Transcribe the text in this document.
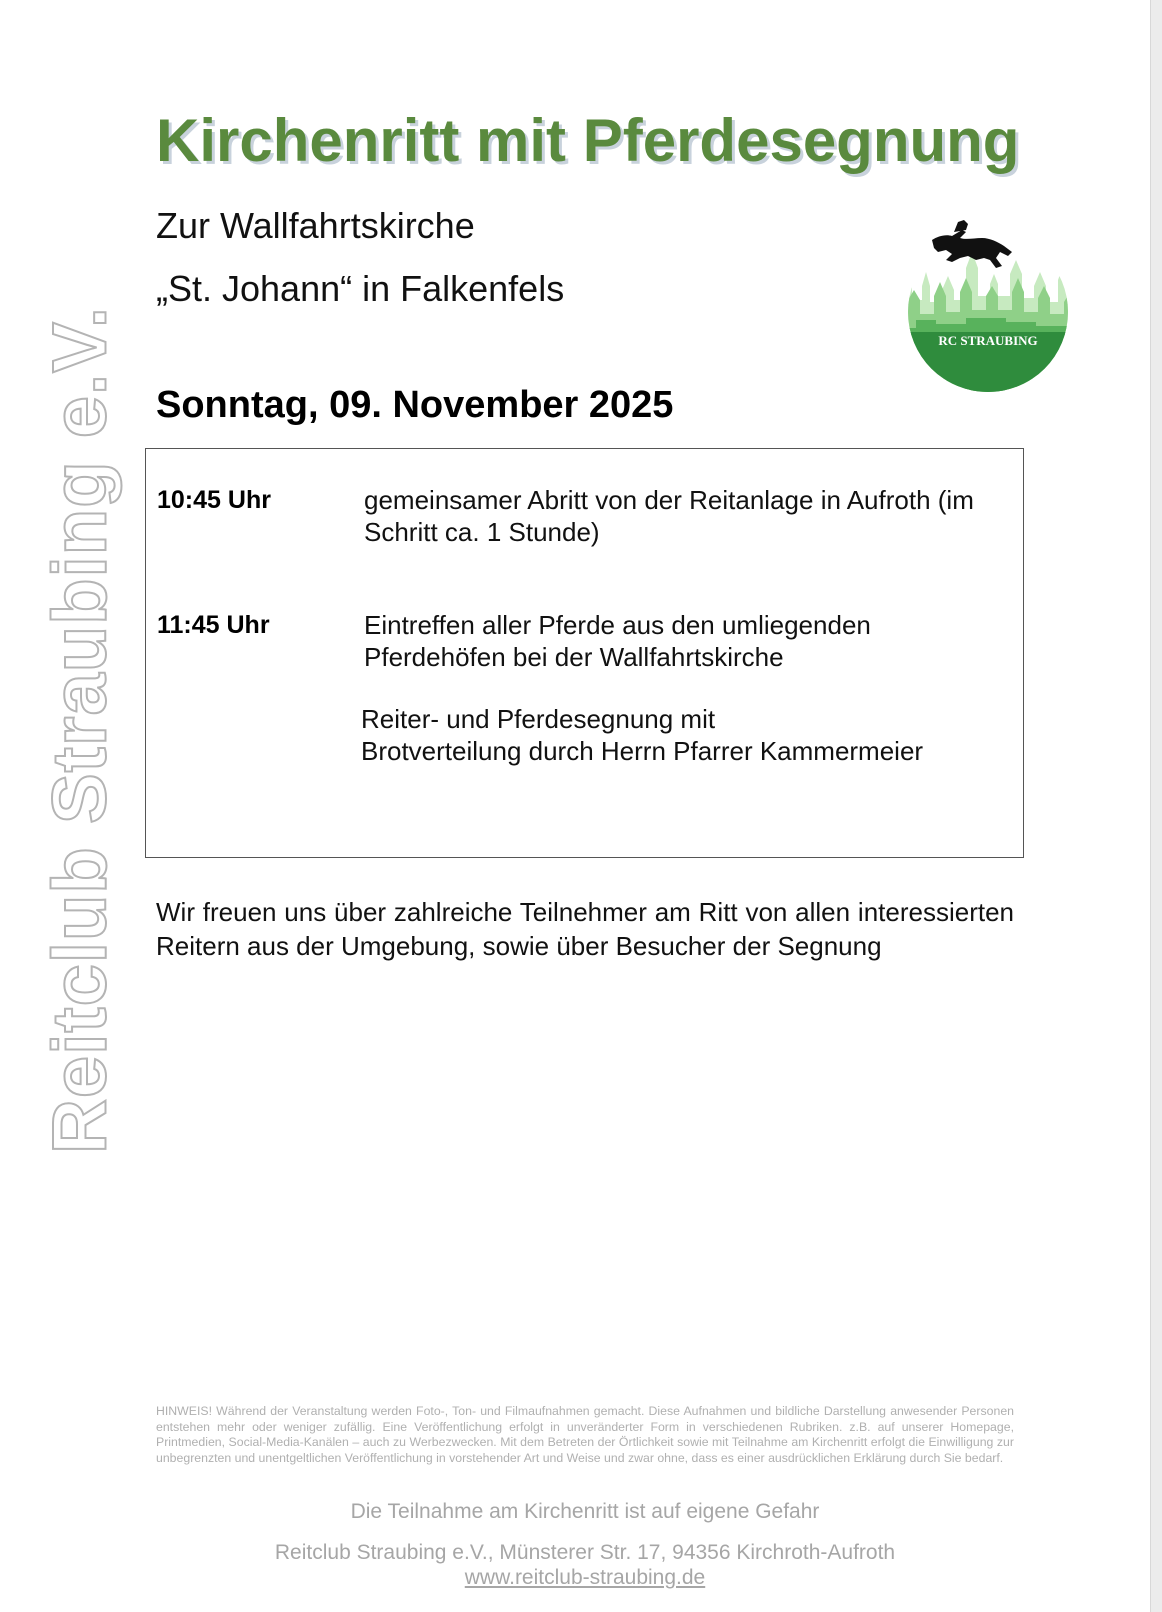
Reitclub Straubing e.V.
Kirchenritt mit Pferdesegnung
Zur Wallfahrtskirche
„St. Johann“ in Falkenfels
RC STRAUBING
Sonntag, 09. November 2025
10:45 Uhr	gemeinsamer Abritt von der Reitanlage in Aufroth (im Schritt ca. 1 Stunde)
11:45 Uhr	Eintreffen aller Pferde aus den umliegenden Pferdehöfen bei der Wallfahrtskirche
Reiter- und Pferdesegnung mit
Brotverteilung durch Herrn Pfarrer Kammermeier
Wir freuen uns über zahlreiche Teilnehmer am Ritt von allen interessierten Reitern aus der Umgebung, sowie über Besucher der Segnung
HINWEIS! Während der Veranstaltung werden Foto-, Ton- und Filmaufnahmen gemacht. Diese Aufnahmen und bildliche Darstellung anwesender Personen entstehen mehr oder weniger zufällig. Eine Veröffentlichung erfolgt in unveränderter Form in verschiedenen Rubriken. z.B. auf unserer Homepage, Printmedien, Social-Media-Kanälen – auch zu Werbezwecken. Mit dem Betreten der Örtlichkeit sowie mit Teilnahme am Kirchenritt erfolgt die Einwilligung zur unbegrenzten und unentgeltlichen Veröffentlichung in vorstehender Art und Weise und zwar ohne, dass es einer ausdrücklichen Erklärung durch Sie bedarf.
Die Teilnahme am Kirchenritt ist auf eigene Gefahr
Reitclub Straubing e.V., Münsterer Str. 17, 94356 Kirchroth-Aufroth
www.reitclub-straubing.de
